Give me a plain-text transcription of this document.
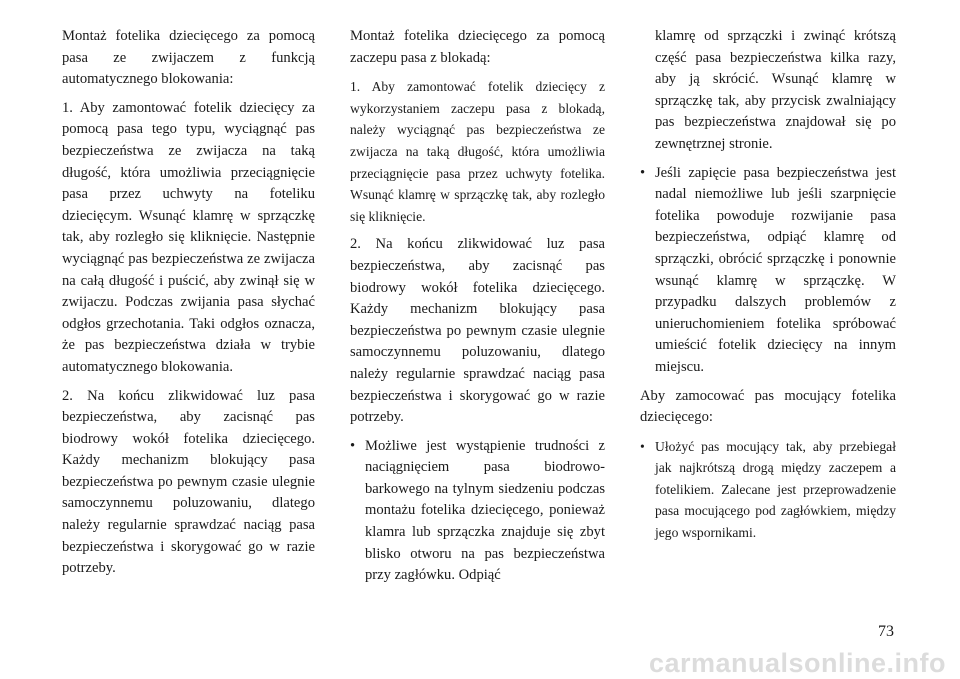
Montaż fotelika dziecięcego za pomocą pasa ze zwijaczem z funkcją automatycznego blokowania:

1. Aby zamontować fotelik dziecięcy za pomocą pasa tego typu, wyciągnąć pas bezpieczeństwa ze zwijacza na taką długość, która umożliwia przeciągnięcie pasa przez uchwyty na foteliku dziecięcym. Wsunąć klamrę w sprzączkę tak, aby rozległo się kliknięcie. Następnie wyciągnąć pas bezpieczeństwa ze zwijacza na całą długość i puścić, aby zwinął się w zwijaczu. Podczas zwijania pasa słychać odgłos grzechotania. Taki odgłos oznacza, że pas bezpieczeństwa działa w trybie automatycznego blokowania.

2. Na końcu zlikwidować luz pasa bezpieczeństwa, aby zacisnąć pas biodrowy wokół fotelika dziecięcego. Każdy mechanizm blokujący pasa bezpieczeństwa po pewnym czasie ulegnie samoczynnemu poluzowaniu, dlatego należy regularnie sprawdzać naciąg pasa bezpieczeństwa i skorygować go w razie potrzeby.

Montaż fotelika dziecięcego za pomocą zaczepu pasa z blokadą:

1. Aby zamontować fotelik dziecięcy z wykorzystaniem zaczepu pasa z blokadą, należy wyciągnąć pas bezpieczeństwa ze zwijacza na taką długość, która umożliwia przeciągnięcie pasa przez uchwyty fotelika. Wsunąć klamrę w sprzączkę tak, aby rozległo się kliknięcie.

2. Na końcu zlikwidować luz pasa bezpieczeństwa, aby zacisnąć pas biodrowy wokół fotelika dziecięcego. Każdy mechanizm blokujący pasa bezpieczeństwa po pewnym czasie ulegnie samoczynnemu poluzowaniu, dlatego należy regularnie sprawdzać naciąg pasa bezpieczeństwa i skorygować go w razie potrzeby.

• Możliwe jest wystąpienie trudności z naciągnięciem pasa biodrowo-barkowego na tylnym siedzeniu podczas montażu fotelika dziecięcego, ponieważ klamra lub sprzączka znajduje się zbyt blisko otworu na pas bezpieczeństwa przy zagłówku. Odpiąć

klamrę od sprzączki i zwinąć krótszą część pasa bezpieczeństwa kilka razy, aby ją skrócić. Wsunąć klamrę w sprzączkę tak, aby przycisk zwalniający pas bezpieczeństwa znajdował się po zewnętrznej stronie.

• Jeśli zapięcie pasa bezpieczeństwa jest nadal niemożliwe lub jeśli szarpnięcie fotelika powoduje rozwijanie pasa bezpieczeństwa, odpiąć klamrę od sprzączki, obrócić sprzączkę i ponownie wsunąć klamrę w sprzączkę. W przypadku dalszych problemów z unieruchomieniem fotelika spróbować umieścić fotelik dziecięcy na innym miejscu.

Aby zamocować pas mocujący fotelika dziecięcego:

• Ułożyć pas mocujący tak, aby przebiegał jak najkrótszą drogą między zaczepem a fotelikiem. Zalecane jest przeprowadzenie pasa mocującego pod zagłówkiem, między jego wspornikami.
73
carmanualsonline.info
